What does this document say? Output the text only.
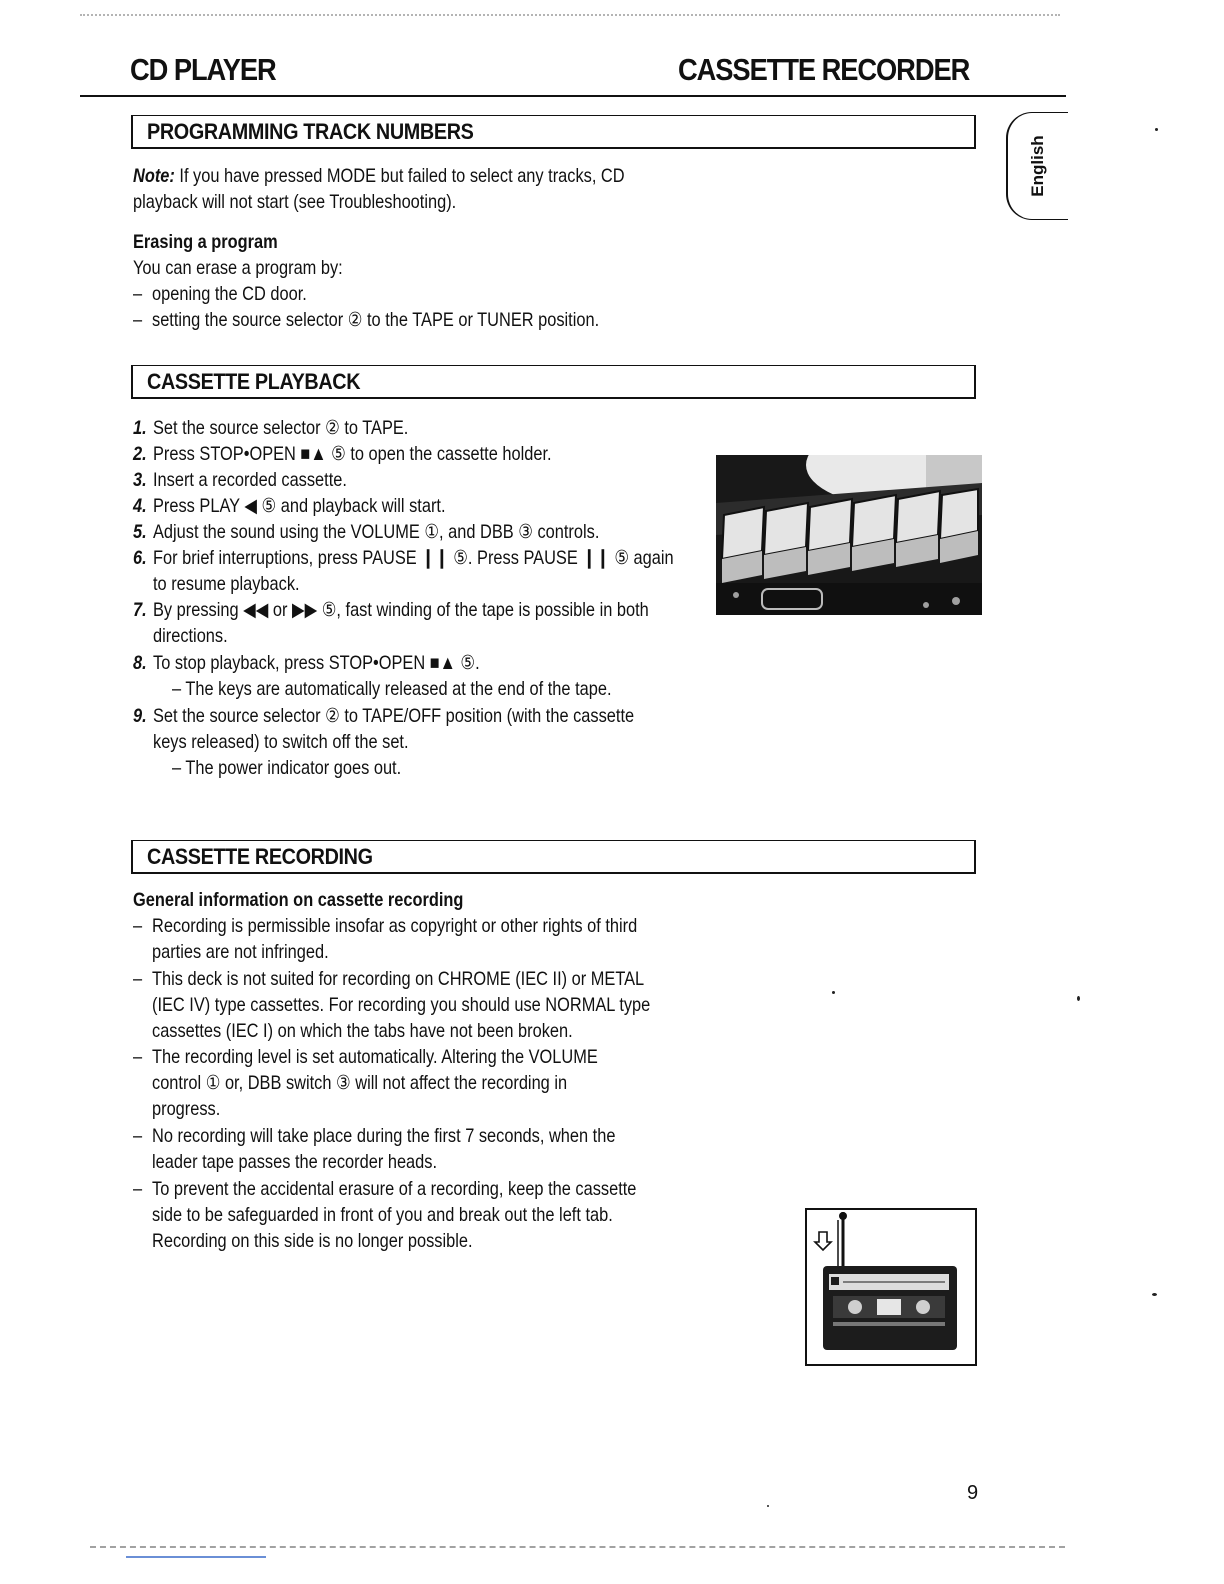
CD PLAYER	CASSETTE RECORDER
English
PROGRAMMING TRACK NUMBERS
Note: If you have pressed MODE but failed to select any tracks, CD
playback will not start (see Troubleshooting).
Erasing a program
You can erase a program by:
– opening the CD door.
– setting the source selector ② to the TAPE or TUNER position.
CASSETTE PLAYBACK
1. Set the source selector ② to TAPE.
2. Press STOP•OPEN ■▲ ⑤ to open the cassette holder.
3. Insert a recorded cassette.
4. Press PLAY ◀ ⑤ and playback will start.
5. Adjust the sound using the VOLUME ①, and DBB ③ controls.
6. For brief interruptions, press PAUSE ❙❙ ⑤. Press PAUSE ❙❙ ⑤ again
to resume playback.
7. By pressing ◀◀ or ▶▶ ⑤, fast winding of the tape is possible in both
directions.
8. To stop playback, press STOP•OPEN ■▲ ⑤.
– The keys are automatically released at the end of the tape.
9. Set the source selector ② to TAPE/OFF position (with the cassette
keys released) to switch off the set.
– The power indicator goes out.
CASSETTE RECORDING
General information on cassette recording
– Recording is permissible insofar as copyright or other rights of third
parties are not infringed.
– This deck is not suited for recording on CHROME (IEC II) or METAL
(IEC IV) type cassettes. For recording you should use NORMAL type
cassettes (IEC I) on which the tabs have not been broken.
– The recording level is set automatically. Altering the VOLUME
control ① or, DBB switch ③ will not affect the recording in
progress.
– No recording will take place during the first 7 seconds, when the
leader tape passes the recorder heads.
– To prevent the accidental erasure of a recording, keep the cassette
side to be safeguarded in front of you and break out the left tab.
Recording on this side is no longer possible.
9
